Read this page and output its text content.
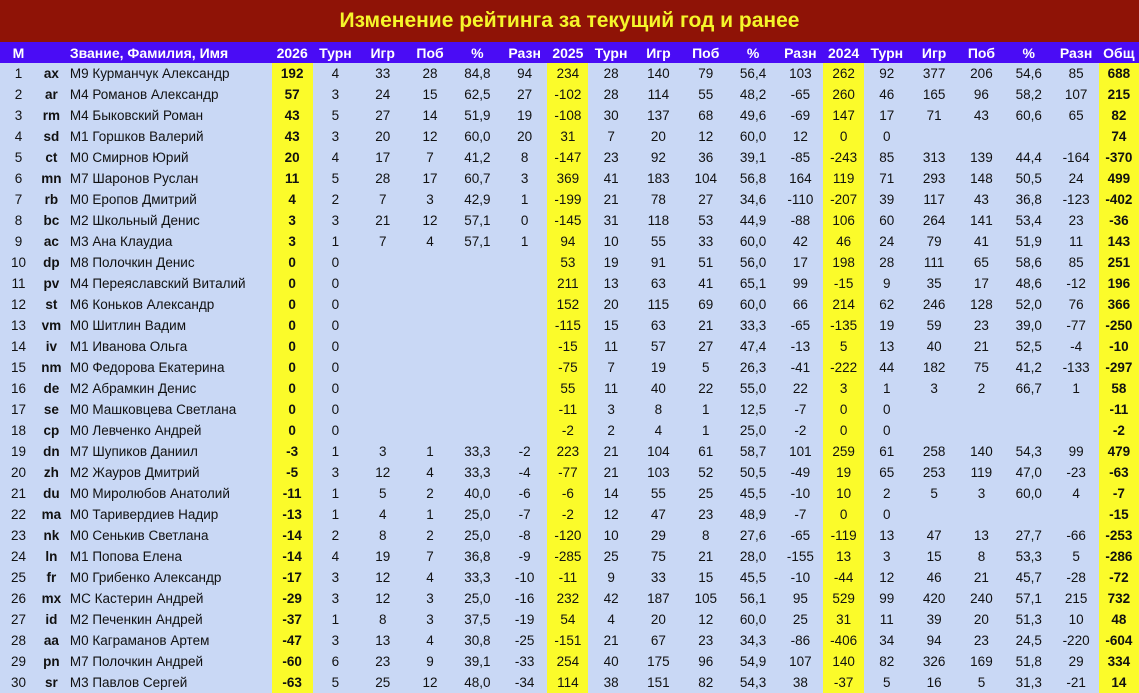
Изменение рейтинга за текущий год и ранее
М		Звание, Фамилия, Имя	2026	Турн	Игр	Поб	%	Разн	2025	Турн	Игр	Поб	%	Разн	2024	Турн	Игр	Поб	%	Разн	Общ
1	ax	М9 Курманчук Александр	192	4	33	28	84,8	94	234	28	140	79	56,4	103	262	92	377	206	54,6	85	688
2	ar	М4 Романов Александр	57	3	24	15	62,5	27	-102	28	114	55	48,2	-65	260	46	165	96	58,2	107	215
3	rm	М4 Быковский Роман	43	5	27	14	51,9	19	-108	30	137	68	49,6	-69	147	17	71	43	60,6	65	82
4	sd	М1 Горшков Валерий	43	3	20	12	60,0	20	31	7	20	12	60,0	12	0	0					74
5	ct	М0 Смирнов Юрий	20	4	17	7	41,2	8	-147	23	92	36	39,1	-85	-243	85	313	139	44,4	-164	-370
6	mn	М7 Шаронов Руслан	11	5	28	17	60,7	3	369	41	183	104	56,8	164	119	71	293	148	50,5	24	499
7	rb	М0 Еропов Дмитрий	4	2	7	3	42,9	1	-199	21	78	27	34,6	-110	-207	39	117	43	36,8	-123	-402
8	bc	М2 Школьный Денис	3	3	21	12	57,1	0	-145	31	118	53	44,9	-88	106	60	264	141	53,4	23	-36
9	ac	М3 Ана Клаудиа	3	1	7	4	57,1	1	94	10	55	33	60,0	42	46	24	79	41	51,9	11	143
10	dp	М8 Полочкин Денис	0	0					53	19	91	51	56,0	17	198	28	111	65	58,6	85	251
11	pv	М4 Переяславский Виталий	0	0					211	13	63	41	65,1	99	-15	9	35	17	48,6	-12	196
12	st	М6 Коньков Александр	0	0					152	20	115	69	60,0	66	214	62	246	128	52,0	76	366
13	vm	М0 Шитлин Вадим	0	0					-115	15	63	21	33,3	-65	-135	19	59	23	39,0	-77	-250
14	iv	М1 Иванова Ольга	0	0					-15	11	57	27	47,4	-13	5	13	40	21	52,5	-4	-10
15	nm	М0 Федорова Екатерина	0	0					-75	7	19	5	26,3	-41	-222	44	182	75	41,2	-133	-297
16	de	М2 Абрамкин Денис	0	0					55	11	40	22	55,0	22	3	1	3	2	66,7	1	58
17	se	М0 Машковцева Светлана	0	0					-11	3	8	1	12,5	-7	0	0					-11
18	cp	М0 Левченко Андрей	0	0					-2	2	4	1	25,0	-2	0	0					-2
19	dn	М7 Шупиков Даниил	-3	1	3	1	33,3	-2	223	21	104	61	58,7	101	259	61	258	140	54,3	99	479
20	zh	М2 Жауров Дмитрий	-5	3	12	4	33,3	-4	-77	21	103	52	50,5	-49	19	65	253	119	47,0	-23	-63
21	du	М0 Миролюбов Анатолий	-11	1	5	2	40,0	-6	-6	14	55	25	45,5	-10	10	2	5	3	60,0	4	-7
22	ma	М0 Таривердиев Надир	-13	1	4	1	25,0	-7	-2	12	47	23	48,9	-7	0	0					-15
23	nk	М0 Сенькив Светлана	-14	2	8	2	25,0	-8	-120	10	29	8	27,6	-65	-119	13	47	13	27,7	-66	-253
24	ln	М1 Попова Елена	-14	4	19	7	36,8	-9	-285	25	75	21	28,0	-155	13	3	15	8	53,3	5	-286
25	fr	М0 Грибенко Александр	-17	3	12	4	33,3	-10	-11	9	33	15	45,5	-10	-44	12	46	21	45,7	-28	-72
26	mx	МС Кастерин Андрей	-29	3	12	3	25,0	-16	232	42	187	105	56,1	95	529	99	420	240	57,1	215	732
27	id	М2 Печенкин Андрей	-37	1	8	3	37,5	-19	54	4	20	12	60,0	25	31	11	39	20	51,3	10	48
28	aa	М0 Каграманов Артем	-47	3	13	4	30,8	-25	-151	21	67	23	34,3	-86	-406	34	94	23	24,5	-220	-604
29	pn	М7 Полочкин Андрей	-60	6	23	9	39,1	-33	254	40	175	96	54,9	107	140	82	326	169	51,8	29	334
30	sr	М3 Павлов Сергей	-63	5	25	12	48,0	-34	114	38	151	82	54,3	38	-37	5	16	5	31,3	-21	14
